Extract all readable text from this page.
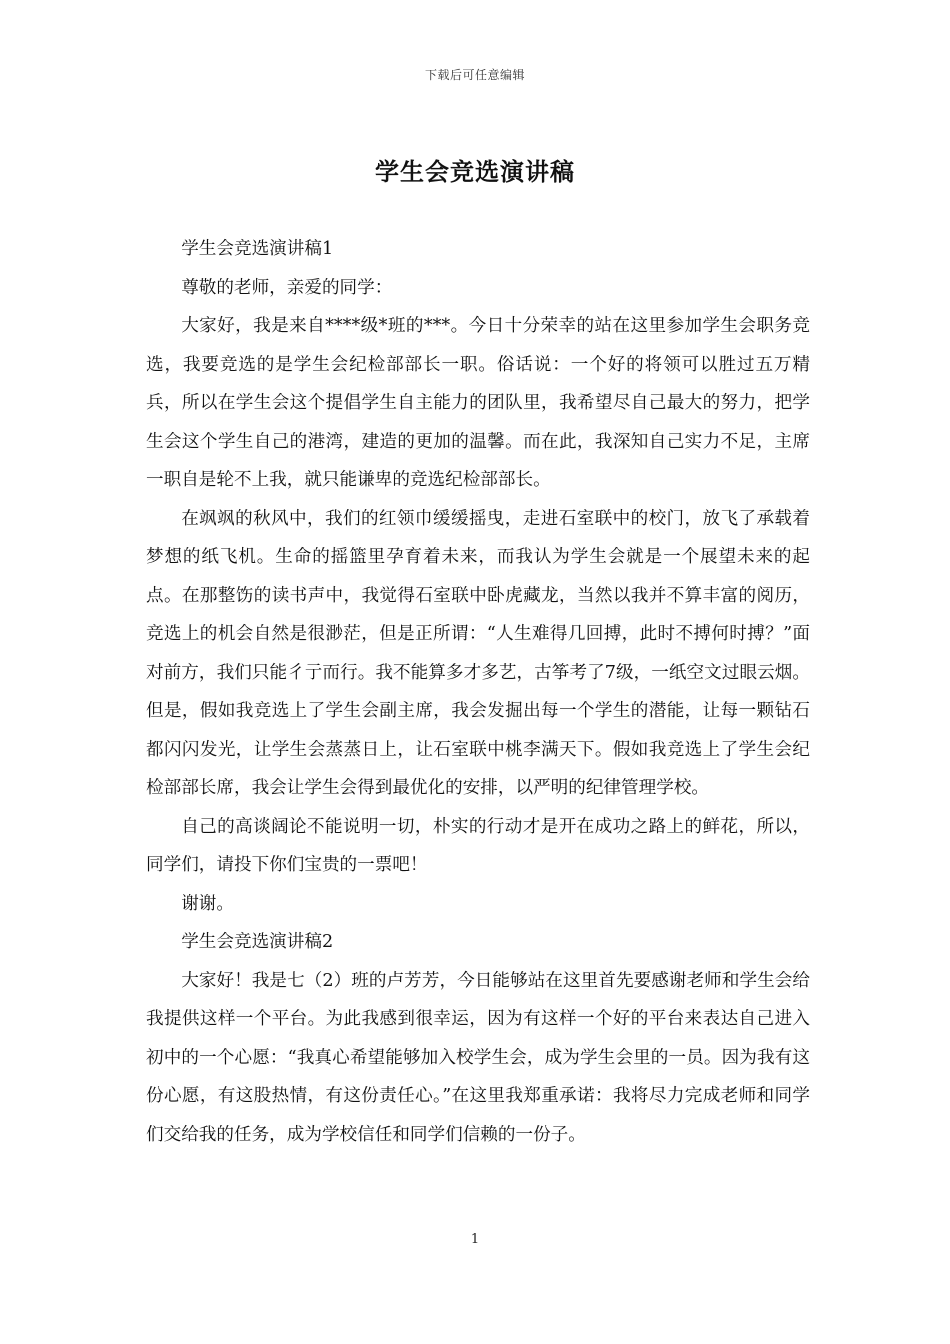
下载后可任意编辑
学生会竞选演讲稿

学生会竞选演讲稿1

尊敬的老师，亲爱的同学：

大家好，我是来自****级*班的***。今日十分荣幸的站在这里参加学生会职务竞选，我要竞选的是学生会纪检部部长一职。俗话说：一个好的将领可以胜过五万精兵，所以在学生会这个提倡学生自主能力的团队里，我希望尽自己最大的努力，把学生会这个学生自己的港湾，建造的更加的温馨。而在此，我深知自己实力不足，主席一职自是轮不上我，就只能谦卑的竞选纪检部部长。

在飒飒的秋风中，我们的红领巾缓缓摇曳，走进石室联中的校门，放飞了承载着梦想的纸飞机。生命的摇篮里孕育着未来，而我认为学生会就是一个展望未来的起点。在那整饬的读书声中，我觉得石室联中卧虎藏龙，当然以我并不算丰富的阅历，竞选上的机会自然是很渺茫，但是正所谓：“人生难得几回搏，此时不搏何时搏？”面对前方，我们只能彳亍而行。我不能算多才多艺，古筝考了7级，一纸空文过眼云烟。但是，假如我竞选上了学生会副主席，我会发掘出每一个学生的潜能，让每一颗钻石都闪闪发光，让学生会蒸蒸日上，让石室联中桃李满天下。假如我竞选上了学生会纪检部部长席，我会让学生会得到最优化的安排，以严明的纪律管理学校。

自己的高谈阔论不能说明一切，朴实的行动才是开在成功之路上的鲜花，所以，同学们，请投下你们宝贵的一票吧！

谢谢。

学生会竞选演讲稿2

大家好！我是七（2）班的卢芳芳，今日能够站在这里首先要感谢老师和学生会给我提供这样一个平台。为此我感到很幸运，因为有这样一个好的平台来表达自己进入初中的一个心愿：“我真心希望能够加入校学生会，成为学生会里的一员。因为我有这份心愿，有这股热情，有这份责任心。”在这里我郑重承诺：我将尽力完成老师和同学们交给我的任务，成为学校信任和同学们信赖的一份子。

1
